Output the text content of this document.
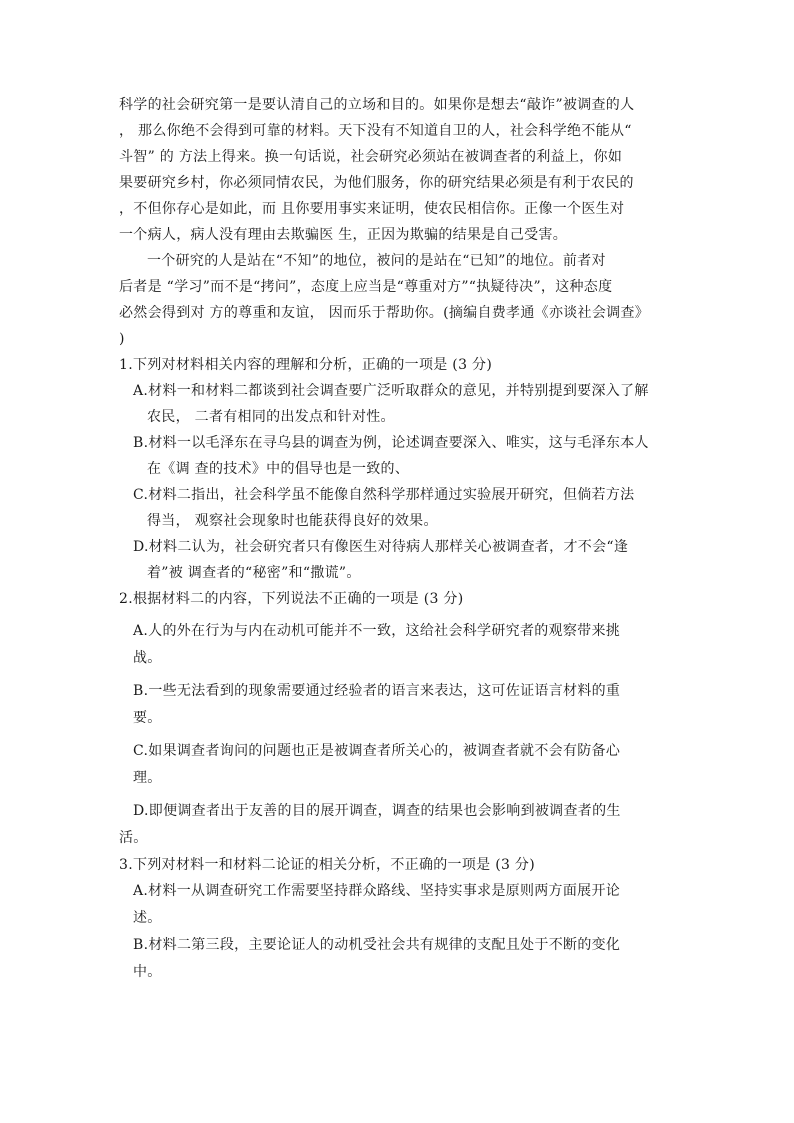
科学的社会研究第一是要认清自己的立场和目的。如果你是想去“敲诈”被调查的人
， 那么你绝不会得到可靠的材料。天下没有不知道自卫的人，社会科学绝不能从“
斗智” 的 方法上得来。换一句话说，社会研究必须站在被调查者的利益上，你如
果要研究乡村，你必须同情农民，为他们服务，你的研究结果必须是有利于农民的
，不但你存心是如此，而 且你要用事实来证明，使农民相信你。正像一个医生对
一个病人，病人没有理由去欺骗医 生，正因为欺骗的结果是自己受害。

一个研究的人是站在“不知”的地位，被问的是站在“已知”的地位。前者对
后者是 “学习”而不是“拷问”，态度上应当是“尊重对方”“执疑待决”，这种态度
必然会得到对 方的尊重和友谊， 因而乐于帮助你。(摘编自费孝通《亦谈社会调查》
)

1.下列对材料相关内容的理解和分析，正确的一项是 (3 分)

A.材料一和材料二都谈到社会调查要广泛听取群众的意见，并特别提到要深入了解
农民， 二者有相同的出发点和针对性。
B.材料一以毛泽东在寻乌县的调查为例，论述调查要深入、唯实，这与毛泽东本人
在《调 查的技术》中的倡导也是一致的、
C.材料二指出，社会科学虽不能像自然科学那样通过实验展开研究，但倘若方法
得当， 观察社会现象时也能获得良好的效果。
D.材料二认为，社会研究者只有像医生对待病人那样关心被调查者，才不会“逢
着”被 调查者的“秘密”和“撒谎”。

2.根据材料二的内容，下列说法不正确的一项是 (3 分)

A.人的外在行为与内在动机可能并不一致，这给社会科学研究者的观察带来挑
战。
B.一些无法看到的现象需要通过经验者的语言来表达，这可佐证语言材料的重
要。
C.如果调查者询问的问题也正是被调查者所关心的，被调查者就不会有防备心
理。
D.即便调查者出于友善的目的展开调查，调查的结果也会影响到被调查者的生
活。

3.下列对材料一和材料二论证的相关分析，不正确的一项是 (3 分)

A.材料一从调查研究工作需要坚持群众路线、坚持实事求是原则两方面展开论
述。
B.材料二第三段，主要论证人的动机受社会共有规律的支配且处于不断的变化
中。
